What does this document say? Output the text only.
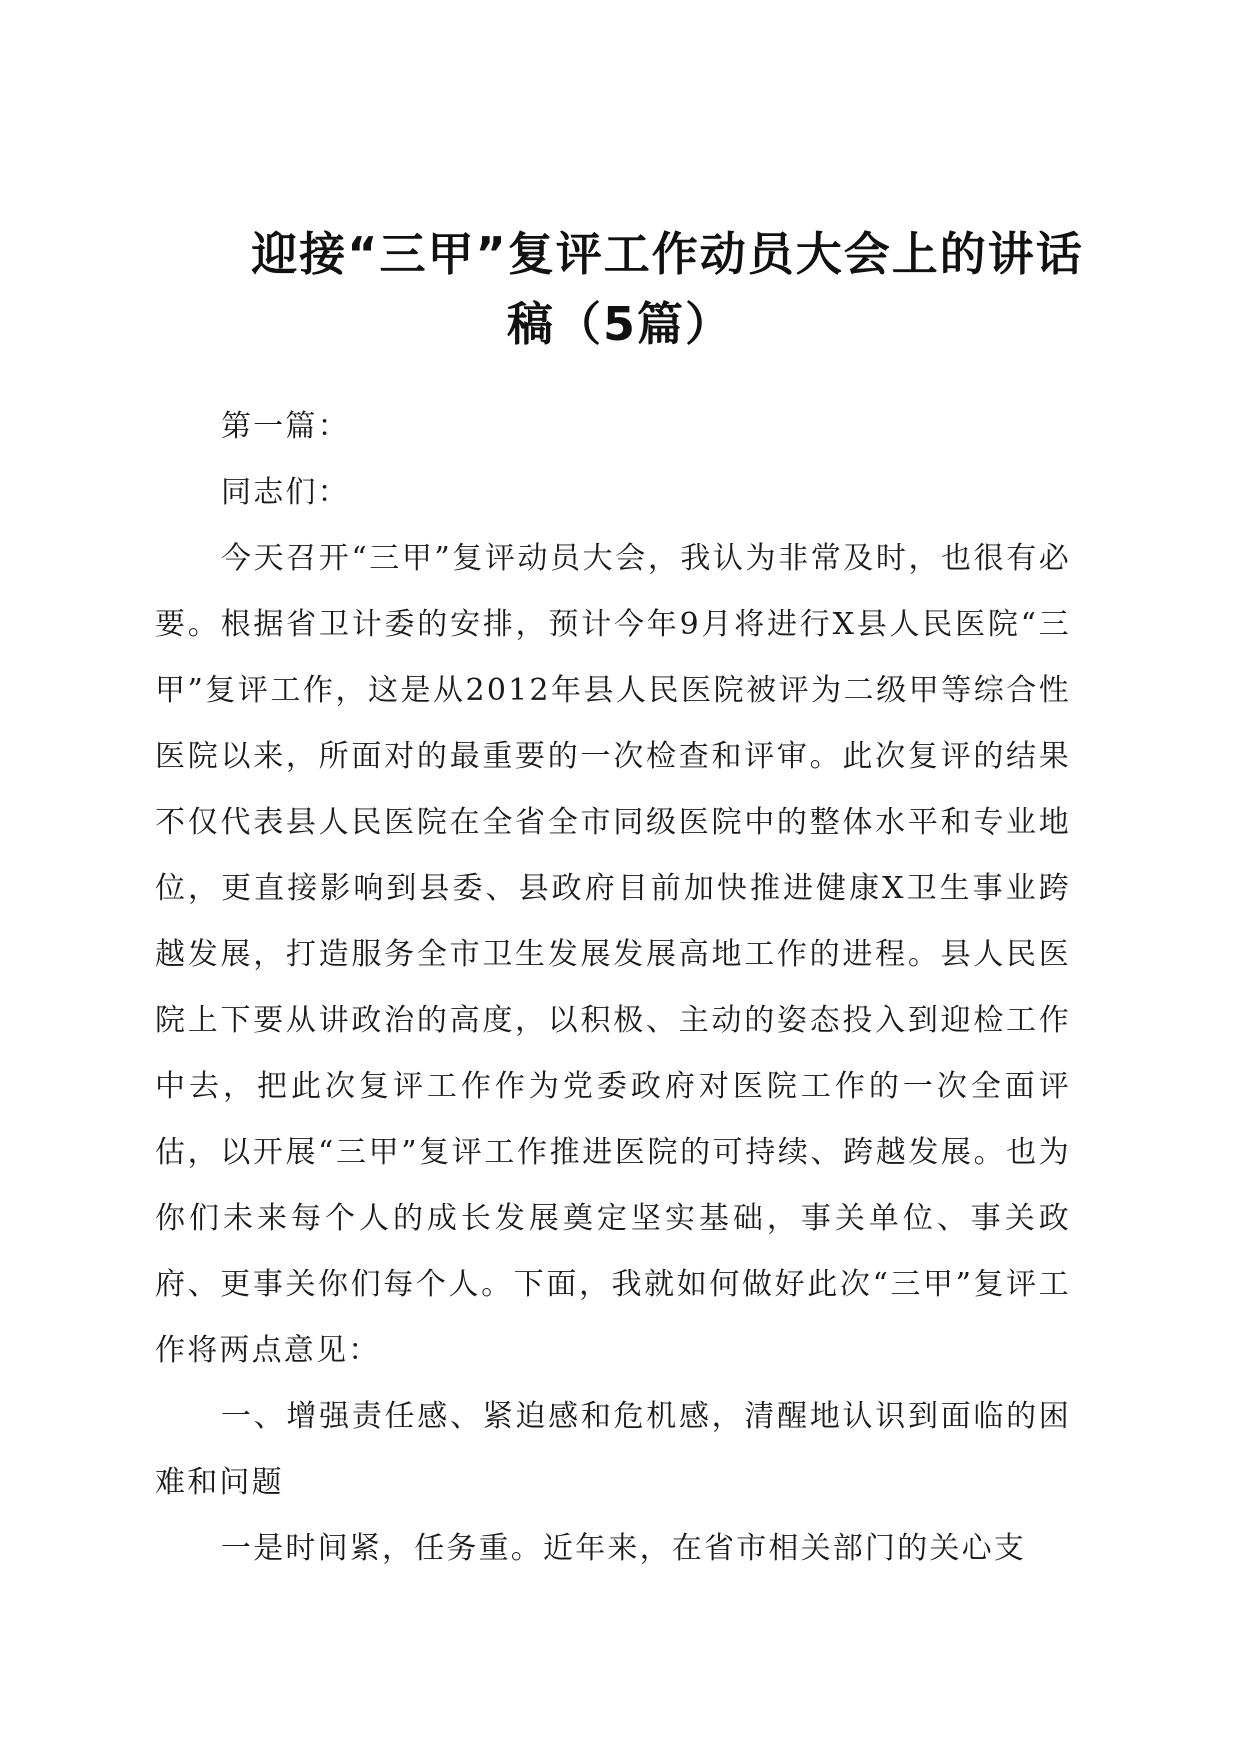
迎接“三甲”复评工作动员大会上的讲话
稿（5篇）

第一篇：

同志们：

今天召开“三甲”复评动员大会，我认为非常及时，也很有必要。根据省卫计委的安排，预计今年9月将进行X县人民医院“三甲”复评工作，这是从2012年县人民医院被评为二级甲等综合性医院以来，所面对的最重要的一次检查和评审。此次复评的结果不仅代表县人民医院在全省全市同级医院中的整体水平和专业地位，更直接影响到县委、县政府目前加快推进健康X卫生事业跨越发展，打造服务全市卫生发展发展高地工作的进程。县人民医院上下要从讲政治的高度，以积极、主动的姿态投入到迎检工作中去，把此次复评工作作为党委政府对医院工作的一次全面评估，以开展“三甲”复评工作推进医院的可持续、跨越发展。也为你们未来每个人的成长发展奠定坚实基础，事关单位、事关政府、更事关你们每个人。下面，我就如何做好此次“三甲”复评工作将两点意见：

一、增强责任感、紧迫感和危机感，清醒地认识到面临的困难和问题

一是时间紧，任务重。近年来，在省市相关部门的关心支
